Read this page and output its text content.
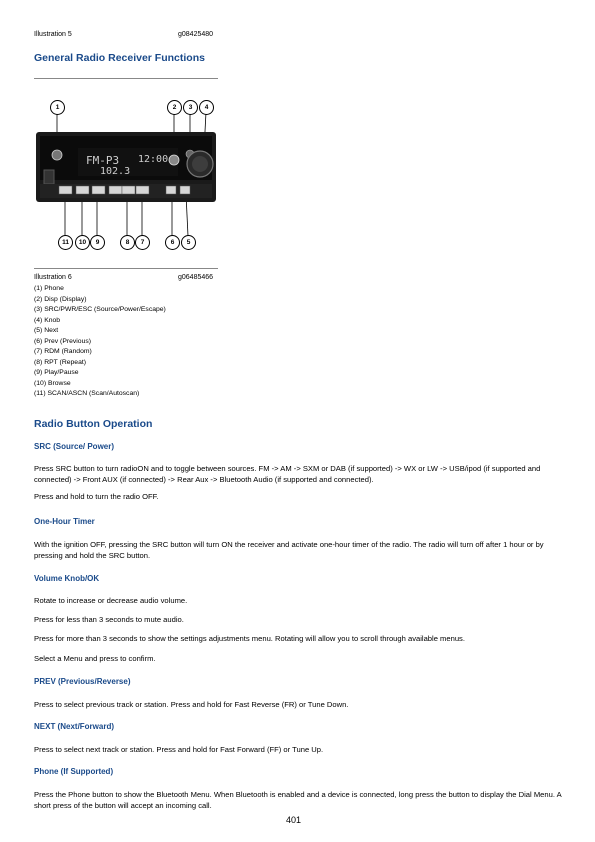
Illustration 5	g08425480
General Radio Receiver Functions
FM-P3 12:00
102.3
1	2	3	4
11	10	9	8	7	6	5
Illustration 6	g06485466
(1) Phone
(2) Disp (Display)
(3) SRC/PWR/ESC (Source/Power/Escape)
(4) Knob
(5) Next
(6) Prev (Previous)
(7) RDM (Random)
(8) RPT (Repeat)
(9) Play/Pause
(10) Browse
(11) SCAN/ASCN (Scan/Autoscan)
Radio Button Operation
SRC (Source/ Power)
Press SRC button to turn radioON and to toggle between sources. FM -> AM -> SXM or DAB (if supported) -> WX or LW -> USB/ipod (if supported and connected) -> Front AUX (if connected) -> Rear Aux -> Bluetooth Audio (if supported and connected).
Press and hold to turn the radio OFF.
One-Hour Timer
With the ignition OFF, pressing the SRC button will turn ON the receiver and activate one-hour timer of the radio. The radio will turn off after 1 hour or by pressing and hold the SRC button.
Volume Knob/OK
Rotate to increase or decrease audio volume.
Press for less than 3 seconds to mute audio.
Press for more than 3 seconds to show the settings adjustments menu. Rotating will allow you to scroll through available menus.
Select a Menu and press to confirm.
PREV (Previous/Reverse)
Press to select previous track or station. Press and hold for Fast Reverse (FR) or Tune Down.
NEXT (Next/Forward)
Press to select next track or station. Press and hold for Fast Forward (FF) or Tune Up.
Phone (If Supported)
Press the Phone button to show the Bluetooth Menu. When Bluetooth is enabled and a device is connected, long press the button to display the Dial Menu. A short press of the button will accept an incoming call.
401
